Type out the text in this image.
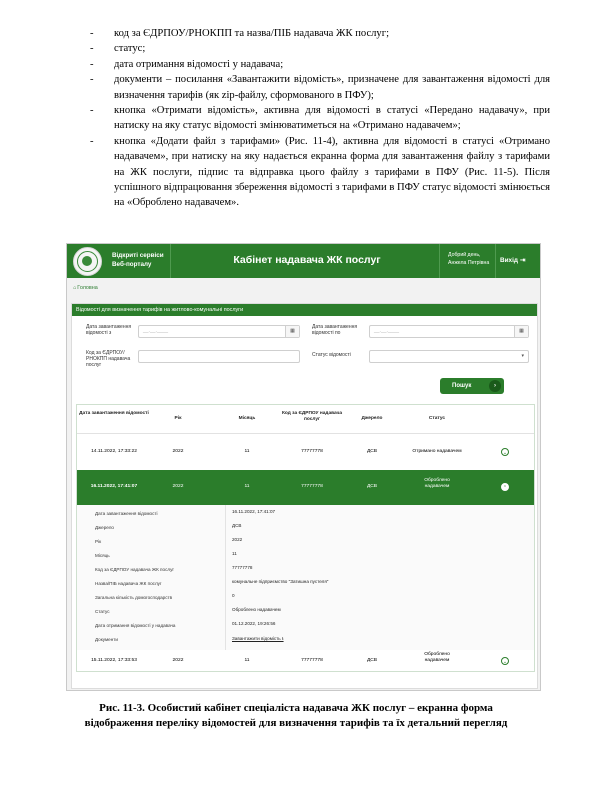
- код за ЄДРПОУ/РНОКПП та назва/ПІБ надавача ЖК послуг;
- статус;
- дата отримання відомості у надавача;
- документи – посилання «Завантажити відомість», призначене для завантаження відомості для визначення тарифів (як zip-файлу, сформованого в ПФУ);
- кнопка «Отримати відомість», активна для відомості в статусі «Передано надавачу», при натиску на яку статус відомості змінюватиметься на «Отримано надавачем»;
- кнопка «Додати файл з тарифами» (Рис. 11-4), активна для відомості в статусі «Отримано надавачем», при натиску на яку надається екранна форма для завантаження файлу з тарифами на ЖК послуги, підпис та відправка цього файлу з тарифами в ПФУ (Рис. 11-5). Після успішного відпрацювання збереження відомості з тарифами в ПФУ статус відомості змінюється на «Оброблено надавачем».
Відкриті сервіси
Веб-порталу	Кабінет надавача ЖК послуг	Добрий день,
Анжела Петрівна Вихід ⇥
⌂Головна
Відомості для визначення тарифів на житлово-комунальні послуги
Дата завантаження відомості з	__.__.____	▦
Дата завантаження відомості по	__.__.____	▦
Код за ЄДРПОУ/ РНОКПП надавача послуг
Статус відомості	▾
Пошук	›
Дата завантаження відомості
Рік	Місяць
Код за ЄДРПОУ надавача послуг	Джерело	Статус
14.11.2022, 17:33:22	2022	11	77777778	ДСВ	Отримано надавачем	⌄
16.11.2022, 17:41:07	2022	11	77777778	ДСВ
Оброблено надавачем	⌃
Дата завантаження відомості	16.11.2022, 17:41:07
Джерело	ДСВ
Рік	2022
Місяць	11
Код за ЄДРПОУ надавача ЖК послуг	77777778
Назва/ПІБ надавача ЖК послуг	комунальне підприємство "Затишна пустеля"
Загальна кількість домогосподарств	0
Статус	Оброблено надавачем
Дата отримання відомості у надавача	01.12.2022, 19:26:56
Документи	Завантажити відомість ⭳
15.11.2022, 17:33:53	2022	11	77777778	ДСВ
Оброблено надавачем	⌄
Рис. 11-3. Особистий кабінет спеціаліста надавача ЖК послуг – екранна форма
відображення переліку відомостей для визначення тарифів та їх детальний перегляд
